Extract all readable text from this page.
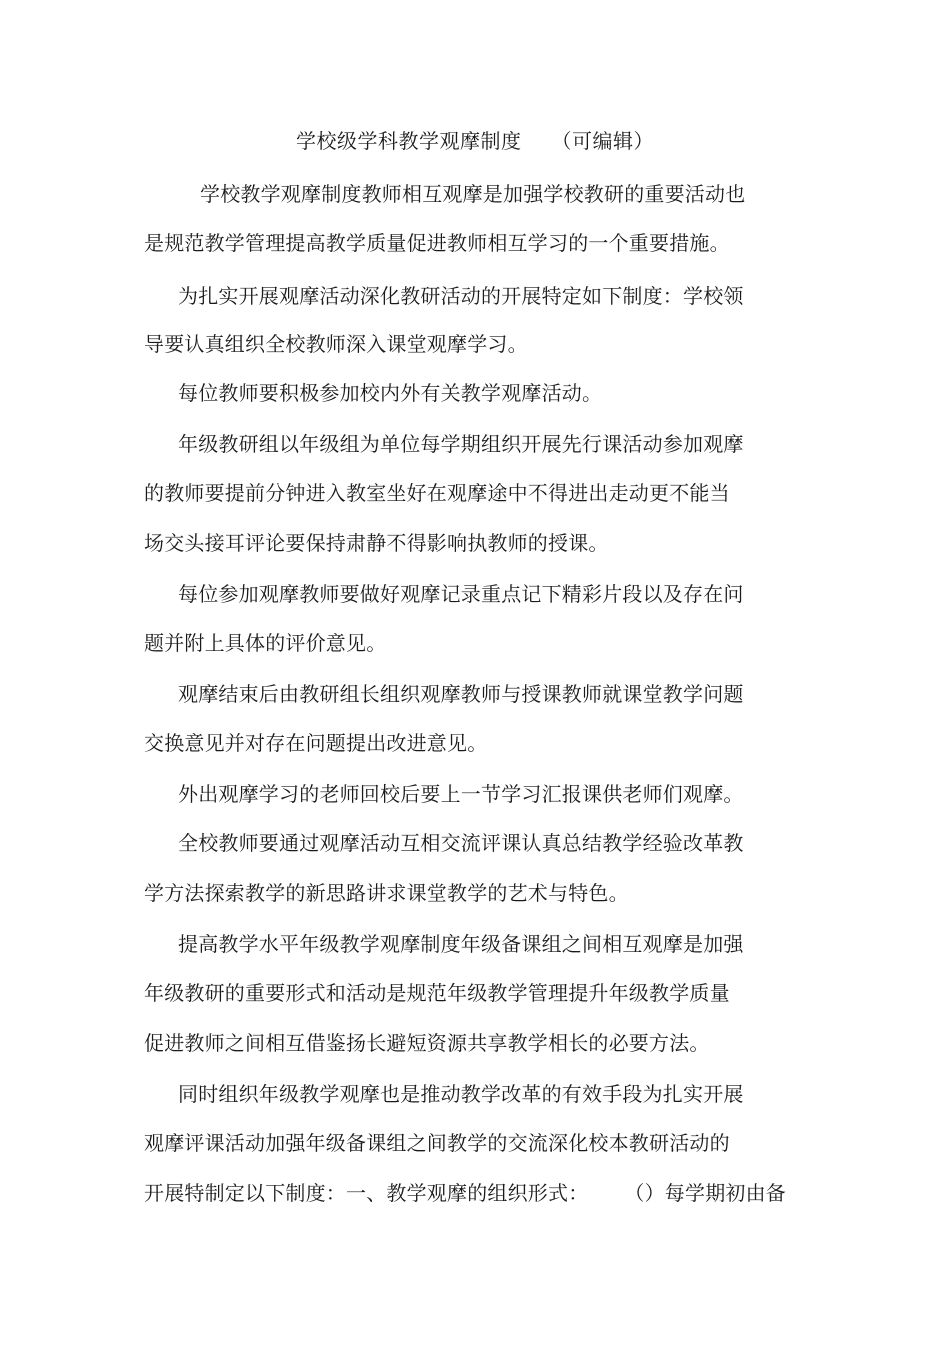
学校级学科教学观摩制度 （可编辑）
学校教学观摩制度教师相互观摩是加强学校教研的重要活动也
是规范教学管理提高教学质量促进教师相互学习的一个重要措施。
为扎实开展观摩活动深化教研活动的开展特定如下制度：学校领
导要认真组织全校教师深入课堂观摩学习。
每位教师要积极参加校内外有关教学观摩活动。
年级教研组以年级组为单位每学期组织开展先行课活动参加观摩
的教师要提前分钟进入教室坐好在观摩途中不得进出走动更不能当
场交头接耳评论要保持肃静不得影响执教师的授课。
每位参加观摩教师要做好观摩记录重点记下精彩片段以及存在问
题并附上具体的评价意见。
观摩结束后由教研组长组织观摩教师与授课教师就课堂教学问题
交换意见并对存在问题提出改进意见。
外出观摩学习的老师回校后要上一节学习汇报课供老师们观摩。
全校教师要通过观摩活动互相交流评课认真总结教学经验改革教
学方法探索教学的新思路讲求课堂教学的艺术与特色。
提高教学水平年级教学观摩制度年级备课组之间相互观摩是加强
年级教研的重要形式和活动是规范年级教学管理提升年级教学质量
促进教师之间相互借鉴扬长避短资源共享教学相长的必要方法。
同时组织年级教学观摩也是推动教学改革的有效手段为扎实开展
观摩评课活动加强年级备课组之间教学的交流深化校本教研活动的
开展特制定以下制度：一、教学观摩的组织形式： （）每学期初由备
